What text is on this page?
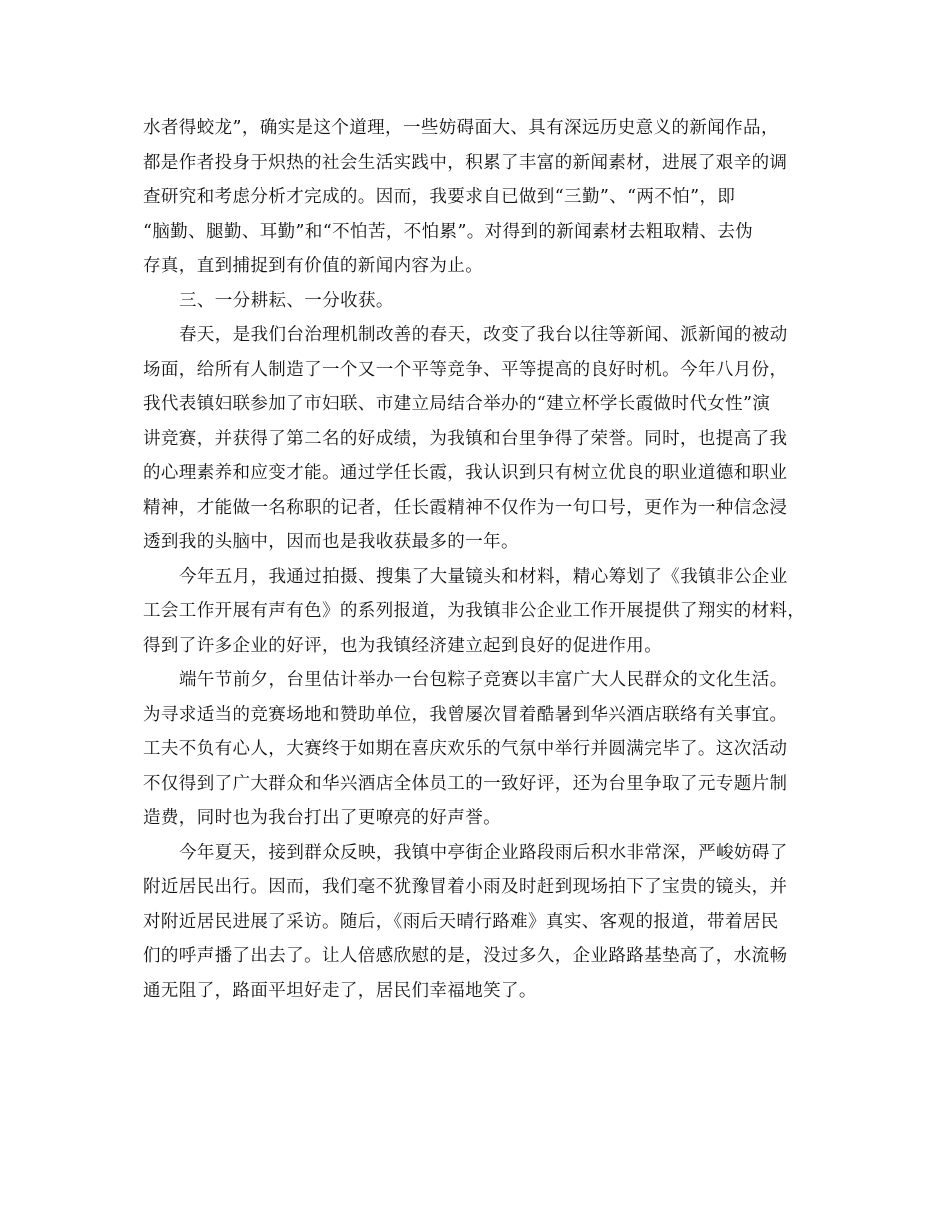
水者得蛟龙”，确实是这个道理，一些妨碍面大、具有深远历史意义的新闻作品，
都是作者投身于炽热的社会生活实践中，积累了丰富的新闻素材，进展了艰辛的调
查研究和考虑分析才完成的。因而，我要求自已做到“三勤”、“两不怕”，即
“脑勤、腿勤、耳勤”和“不怕苦，不怕累”。对得到的新闻素材去粗取精、去伪
存真，直到捕捉到有价值的新闻内容为止。
三、一分耕耘、一分收获。
春天，是我们台治理机制改善的春天，改变了我台以往等新闻、派新闻的被动
场面，给所有人制造了一个又一个平等竞争、平等提高的良好时机。今年八月份，
我代表镇妇联参加了市妇联、市建立局结合举办的“建立杯学长霞做时代女性”演
讲竞赛，并获得了第二名的好成绩，为我镇和台里争得了荣誉。同时，也提高了我
的心理素养和应变才能。通过学任长霞，我认识到只有树立优良的职业道德和职业
精神，才能做一名称职的记者，任长霞精神不仅作为一句口号，更作为一种信念浸
透到我的头脑中，因而也是我收获最多的一年。
今年五月，我通过拍摄、搜集了大量镜头和材料，精心筹划了《我镇非公企业
工会工作开展有声有色》的系列报道，为我镇非公企业工作开展提供了翔实的材料，
得到了许多企业的好评，也为我镇经济建立起到良好的促进作用。
端午节前夕，台里估计举办一台包粽子竞赛以丰富广大人民群众的文化生活。
为寻求适当的竞赛场地和赞助单位，我曾屡次冒着酷暑到华兴酒店联络有关事宜。
工夫不负有心人，大赛终于如期在喜庆欢乐的气氛中举行并圆满完毕了。这次活动
不仅得到了广大群众和华兴酒店全体员工的一致好评，还为台里争取了元专题片制
造费，同时也为我台打出了更嘹亮的好声誉。
今年夏天，接到群众反映，我镇中亭街企业路段雨后积水非常深，严峻妨碍了
附近居民出行。因而，我们毫不犹豫冒着小雨及时赶到现场拍下了宝贵的镜头，并
对附近居民进展了采访。随后，《雨后天晴行路难》真实、客观的报道，带着居民
们的呼声播了出去了。让人倍感欣慰的是，没过多久，企业路路基垫高了，水流畅
通无阻了，路面平坦好走了，居民们幸福地笑了。
